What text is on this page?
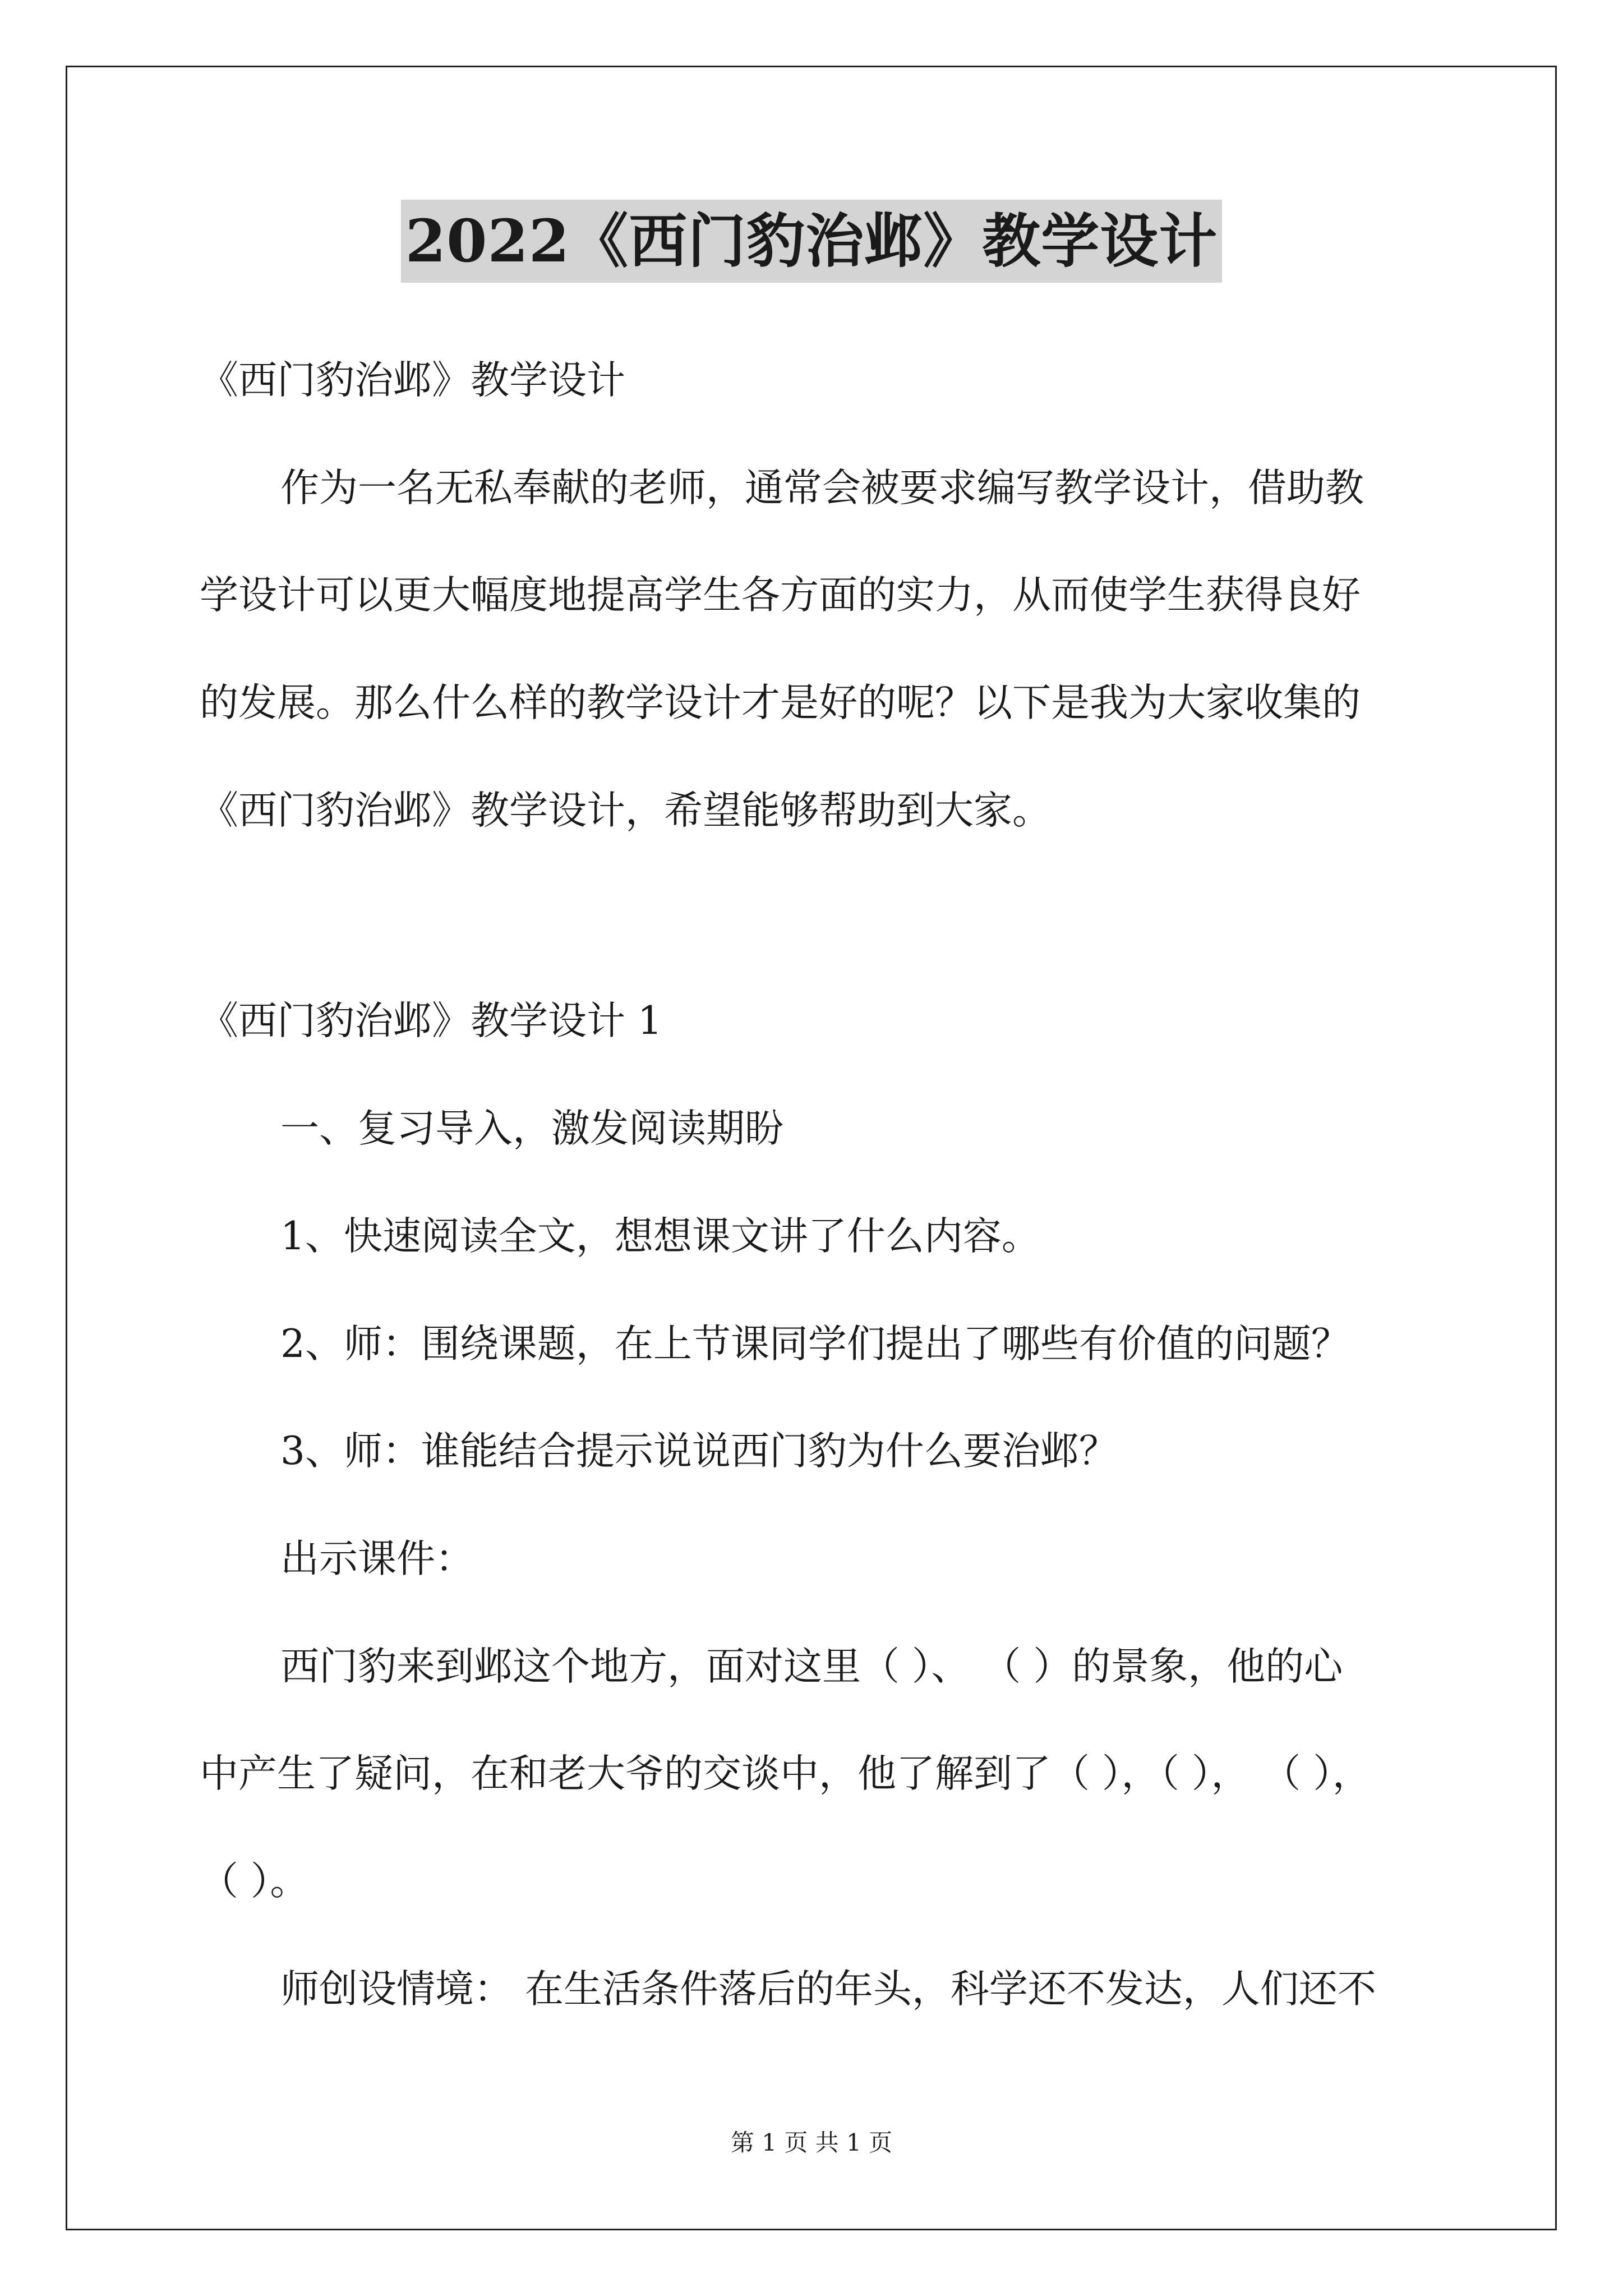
2022《西门豹治邺》教学设计
《西门豹治邺》教学设计
作为一名无私奉献的老师，通常会被要求编写教学设计，借助教
学设计可以更大幅度地提高学生各方面的实力，从而使学生获得良好
的发展。那么什么样的教学设计才是好的呢？以下是我为大家收集的
《西门豹治邺》教学设计，希望能够帮助到大家。
《西门豹治邺》教学设计 1
一、复习导入，激发阅读期盼
1、快速阅读全文，想想课文讲了什么内容。
2、师：围绕课题，在上节课同学们提出了哪些有价值的问题？
3、师：谁能结合提示说说西门豹为什么要治邺？
出示课件：
西门豹来到邺这个地方，面对这里（ ）、 （ ）的景象，他的心
中产生了疑问，在和老大爷的交谈中，他了解到了（ ），（ ）， （ ），
（ ）。
师创设情境： 在生活条件落后的年头，科学还不发达，人们还不
第 1 页 共 1 页
